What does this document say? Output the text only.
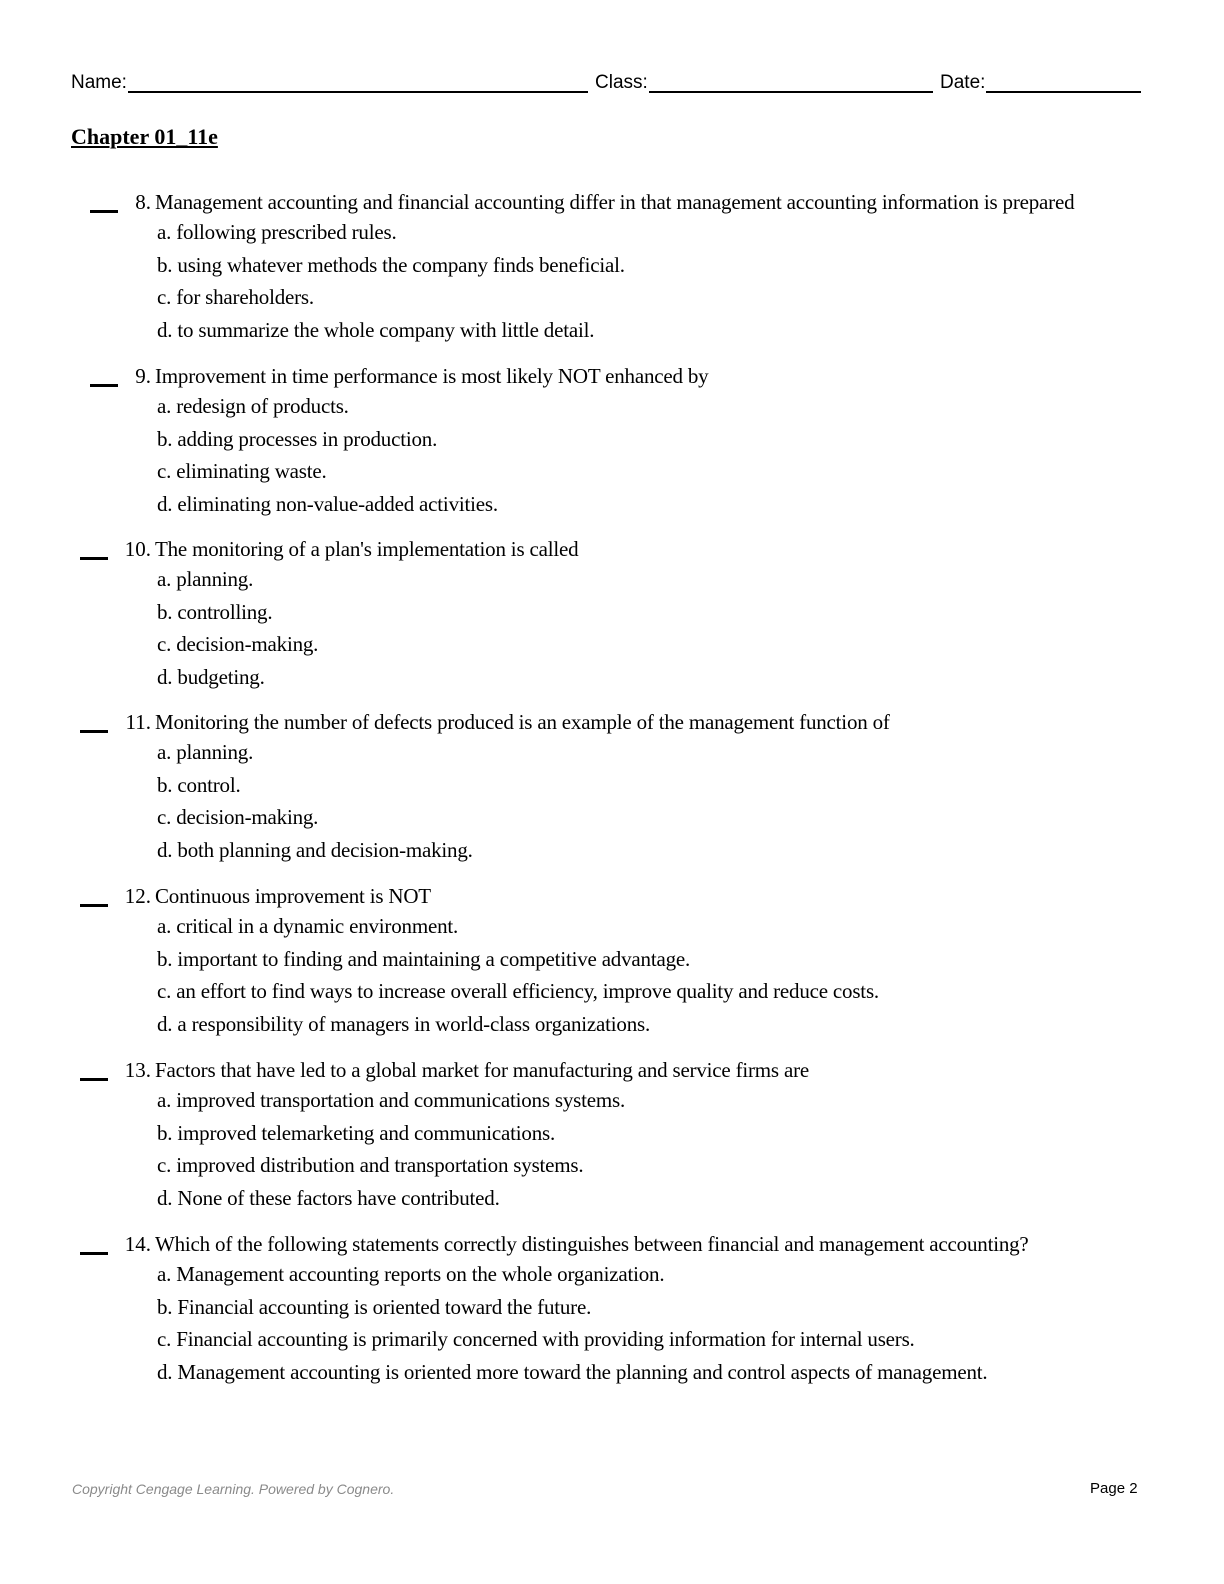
Name:	Class:	Date:
Chapter 01_11e
8. Management accounting and financial accounting differ in that management accounting information is prepared
a. following prescribed rules.
b. using whatever methods the company finds beneficial.
c. for shareholders.
d. to summarize the whole company with little detail.
9. Improvement in time performance is most likely NOT enhanced by
a. redesign of products.
b. adding processes in production.
c. eliminating waste.
d. eliminating non-value-added activities.
10. The monitoring of a plan's implementation is called
a. planning.
b. controlling.
c. decision-making.
d. budgeting.
11. Monitoring the number of defects produced is an example of the management function of
a. planning.
b. control.
c. decision-making.
d. both planning and decision-making.
12. Continuous improvement is NOT
a. critical in a dynamic environment.
b. important to finding and maintaining a competitive advantage.
c. an effort to find ways to increase overall efficiency, improve quality and reduce costs.
d. a responsibility of managers in world-class organizations.
13. Factors that have led to a global market for manufacturing and service firms are
a. improved transportation and communications systems.
b. improved telemarketing and communications.
c. improved distribution and transportation systems.
d. None of these factors have contributed.
14. Which of the following statements correctly distinguishes between financial and management accounting?
a. Management accounting reports on the whole organization.
b. Financial accounting is oriented toward the future.
c. Financial accounting is primarily concerned with providing information for internal users.
d. Management accounting is oriented more toward the planning and control aspects of management.
Copyright Cengage Learning. Powered by Cognero.	Page 2
